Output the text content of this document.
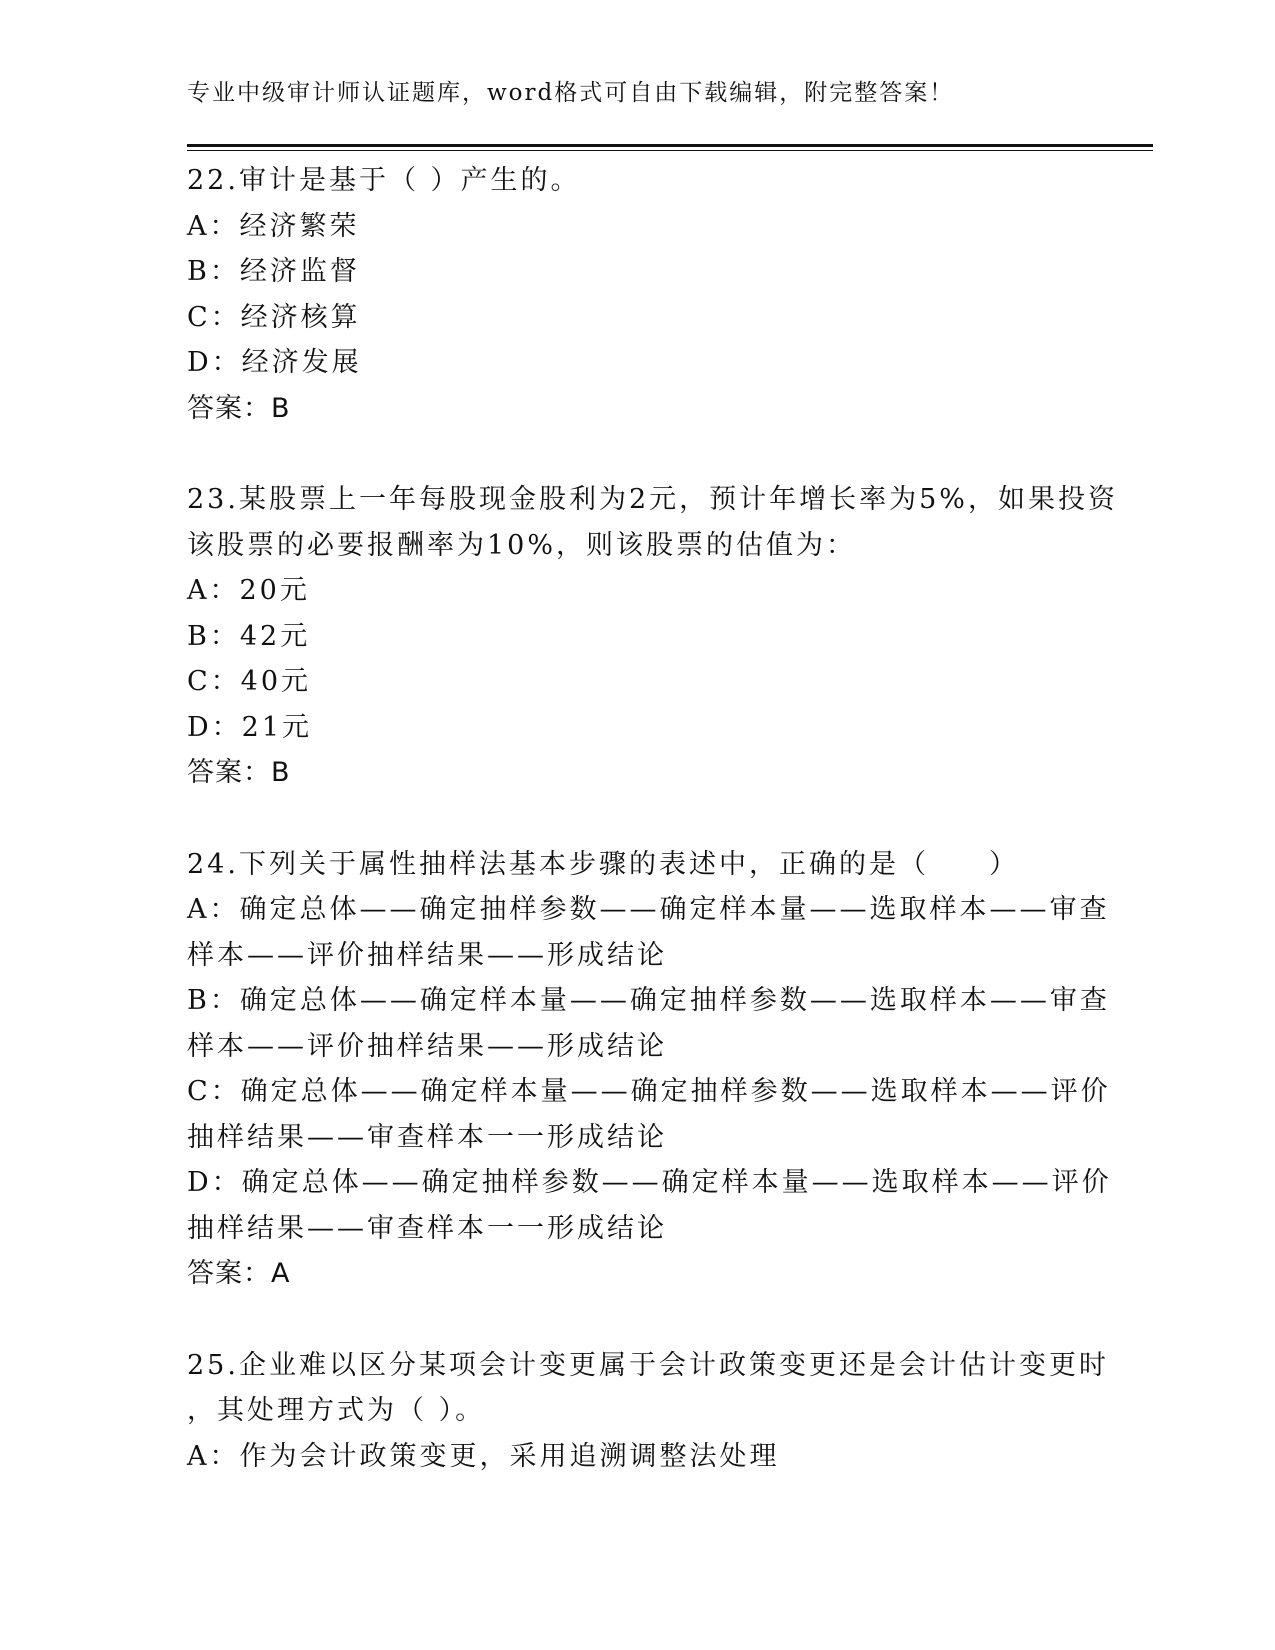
专业中级审计师认证题库，word格式可自由下载编辑，附完整答案！
22.审计是基于（ ）产生的。
A：经济繁荣
B：经济监督
C：经济核算
D：经济发展
答案：B
23.某股票上一年每股现金股利为2元，预计年增长率为5%，如果投资
该股票的必要报酬率为10%，则该股票的估值为：
A：20元
B：42元
C：40元
D：21元
答案：B
24.下列关于属性抽样法基本步骤的表述中，正确的是（　　）
A：确定总体——确定抽样参数——确定样本量——选取样本——审查
样本——评价抽样结果——形成结论
B：确定总体——确定样本量——确定抽样参数——选取样本——审查
样本——评价抽样结果——形成结论
C：确定总体——确定样本量——确定抽样参数——选取样本——评价
抽样结果——审查样本一一形成结论
D：确定总体——确定抽样参数——确定样本量——选取样本——评价
抽样结果——审查样本一一形成结论
答案：A
25.企业难以区分某项会计变更属于会计政策变更还是会计估计变更时
，其处理方式为（ ）。
A：作为会计政策变更，采用追溯调整法处理
